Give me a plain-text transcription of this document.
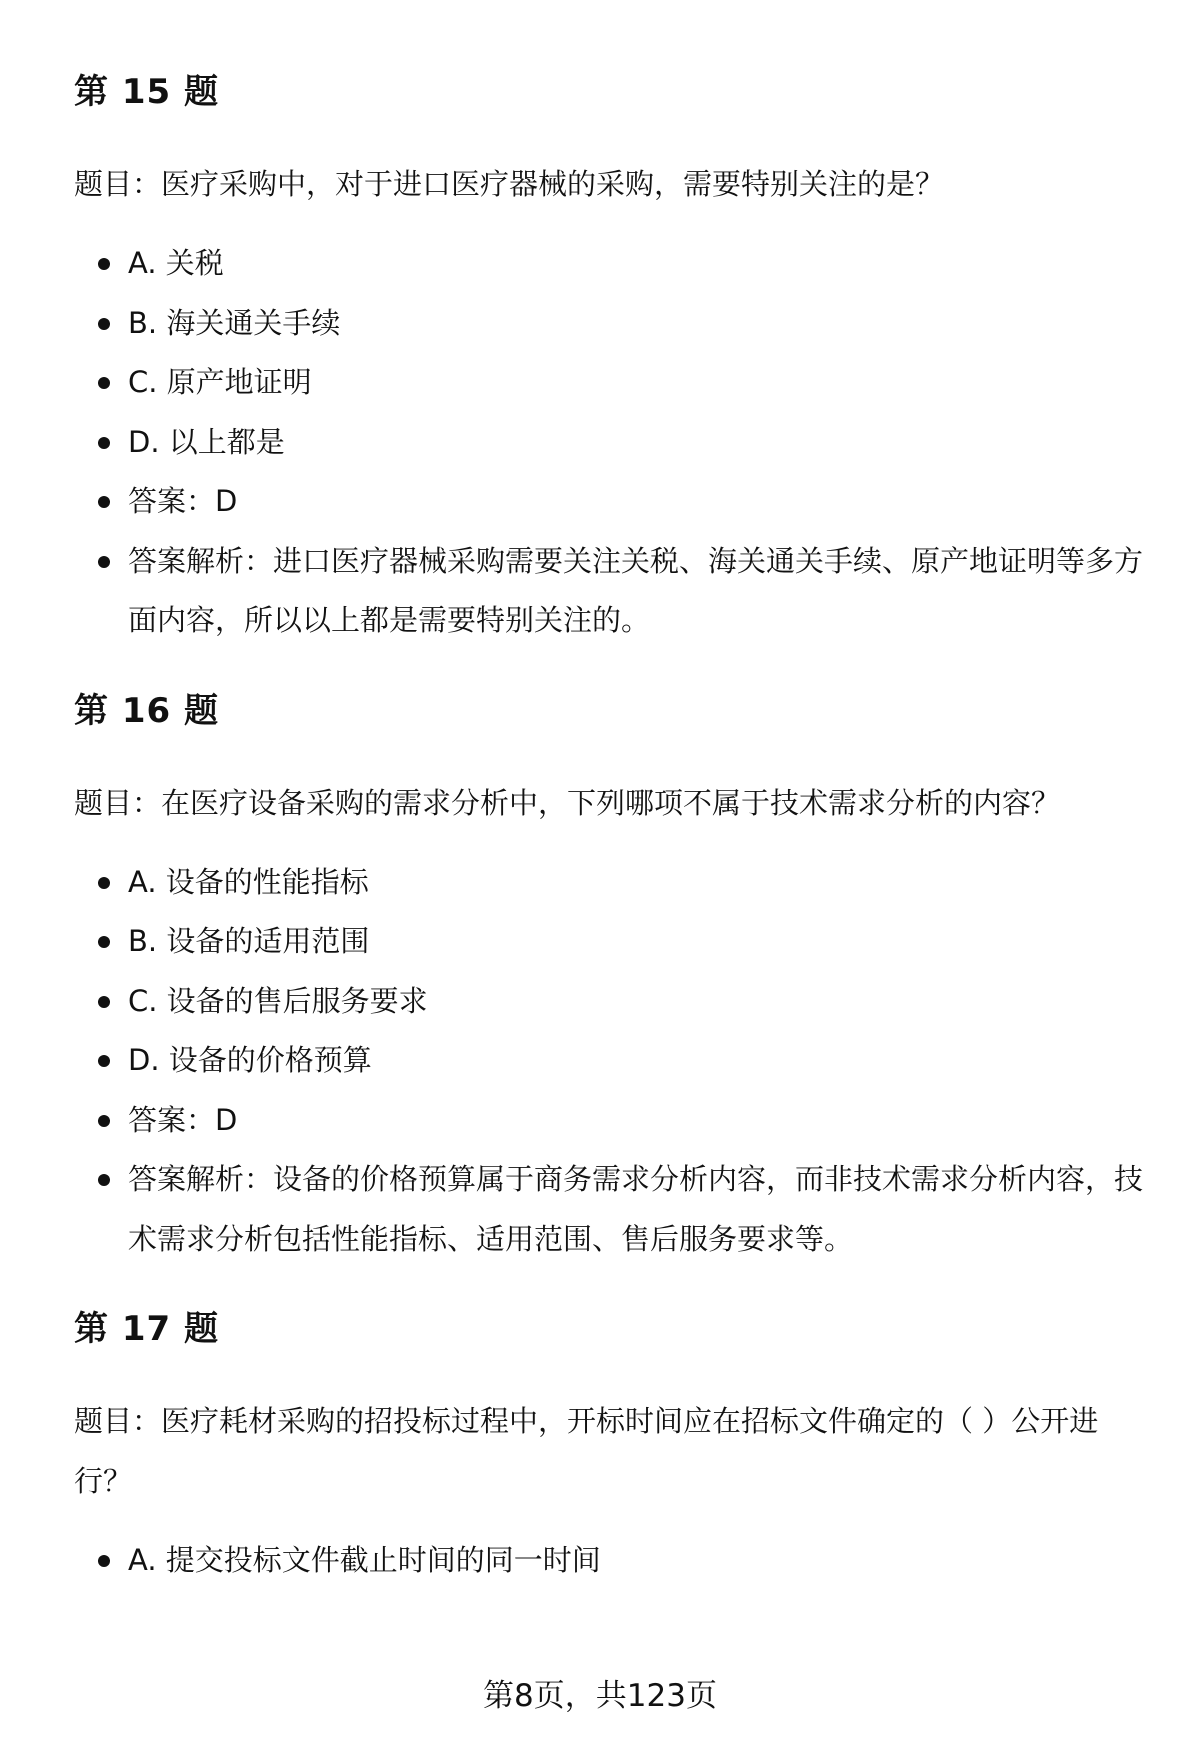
第 15 题

题目：医疗采购中，对于进口医疗器械的采购，需要特别关注的是？

A. 关税
B. 海关通关手续
C. 原产地证明
D. 以上都是
答案：D
答案解析：进口医疗器械采购需要关注关税、海关通关手续、原产地证明等多方面内容，所以以上都是需要特别关注的。
第 16 题

题目：在医疗设备采购的需求分析中，下列哪项不属于技术需求分析的内容？

A. 设备的性能指标
B. 设备的适用范围
C. 设备的售后服务要求
D. 设备的价格预算
答案：D
答案解析：设备的价格预算属于商务需求分析内容，而非技术需求分析内容，技术需求分析包括性能指标、适用范围、售后服务要求等。
第 17 题

题目：医疗耗材采购的招投标过程中，开标时间应在招标文件确定的（ ）公开进行？

A. 提交投标文件截止时间的同一时间
第8页，共123页
